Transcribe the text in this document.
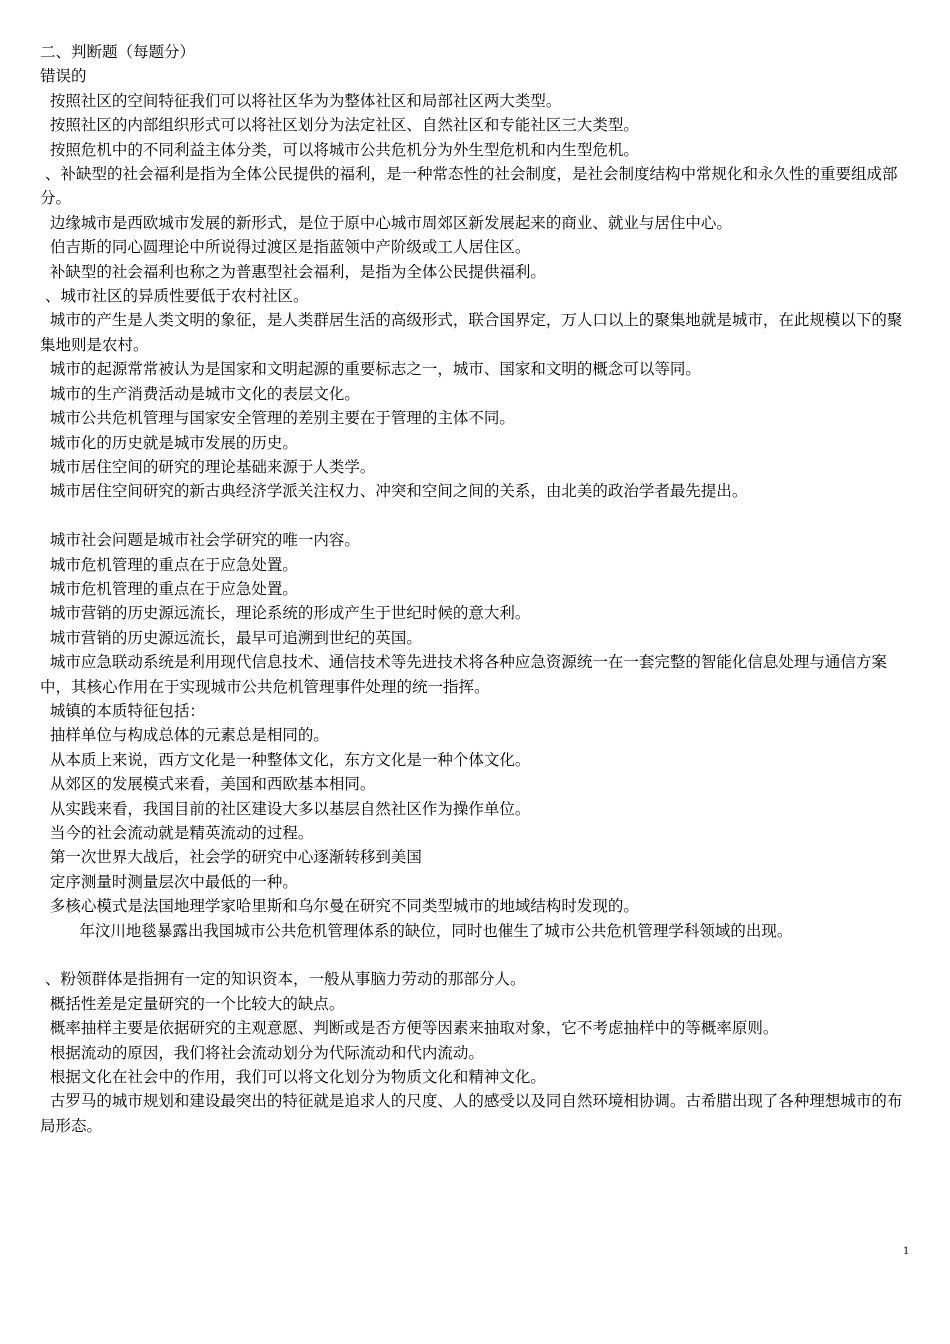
二、判断题（每题分）
错误的
按照社区的空间特征我们可以将社区华为为整体社区和局部社区两大类型。
按照社区的内部组织形式可以将社区划分为法定社区、自然社区和专能社区三大类型。
按照危机中的不同利益主体分类，可以将城市公共危机分为外生型危机和内生型危机。
、补缺型的社会福利是指为全体公民提供的福利，是一种常态性的社会制度，是社会制度结构中常规化和永久性的重要组成部分。
边缘城市是西欧城市发展的新形式，是位于原中心城市周郊区新发展起来的商业、就业与居住中心。
伯吉斯的同心圆理论中所说得过渡区是指蓝领中产阶级或工人居住区。
补缺型的社会福利也称之为普惠型社会福利，是指为全体公民提供福利。
、城市社区的异质性要低于农村社区。
城市的产生是人类文明的象征，是人类群居生活的高级形式，联合国界定，万人口以上的聚集地就是城市，在此规模以下的聚集地则是农村。
城市的起源常常被认为是国家和文明起源的重要标志之一，城市、国家和文明的概念可以等同。
城市的生产消费活动是城市文化的表层文化。
城市公共危机管理与国家安全管理的差别主要在于管理的主体不同。
城市化的历史就是城市发展的历史。
城市居住空间的研究的理论基础来源于人类学。
城市居住空间研究的新古典经济学派关注权力、冲突和空间之间的关系，由北美的政治学者最先提出。
城市社会问题是城市社会学研究的唯一内容。
城市危机管理的重点在于应急处置。
城市危机管理的重点在于应急处置。
城市营销的历史源远流长，理论系统的形成产生于世纪时候的意大利。
城市营销的历史源远流长，最早可追溯到世纪的英国。
城市应急联动系统是利用现代信息技术、通信技术等先进技术将各种应急资源统一在一套完整的智能化信息处理与通信方案中，其核心作用在于实现城市公共危机管理事件处理的统一指挥。
城镇的本质特征包括：
抽样单位与构成总体的元素总是相同的。
从本质上来说，西方文化是一种整体文化，东方文化是一种个体文化。
从郊区的发展模式来看，美国和西欧基本相同。
从实践来看，我国目前的社区建设大多以基层自然社区作为操作单位。
当今的社会流动就是精英流动的过程。
第一次世界大战后，社会学的研究中心逐渐转移到美国
定序测量时测量层次中最低的一种。
多核心模式是法国地理学家哈里斯和乌尔曼在研究不同类型城市的地域结构时发现的。
年汶川地毯暴露出我国城市公共危机管理体系的缺位，同时也催生了城市公共危机管理学科领域的出现。
、粉领群体是指拥有一定的知识资本，一般从事脑力劳动的那部分人。
概括性差是定量研究的一个比较大的缺点。
概率抽样主要是依据研究的主观意愿、判断或是否方便等因素来抽取对象，它不考虑抽样中的等概率原则。
根据流动的原因，我们将社会流动划分为代际流动和代内流动。
根据文化在社会中的作用，我们可以将文化划分为物质文化和精神文化。
古罗马的城市规划和建设最突出的特征就是追求人的尺度、人的感受以及同自然环境相协调。古希腊出现了各种理想城市的布局形态。
1
